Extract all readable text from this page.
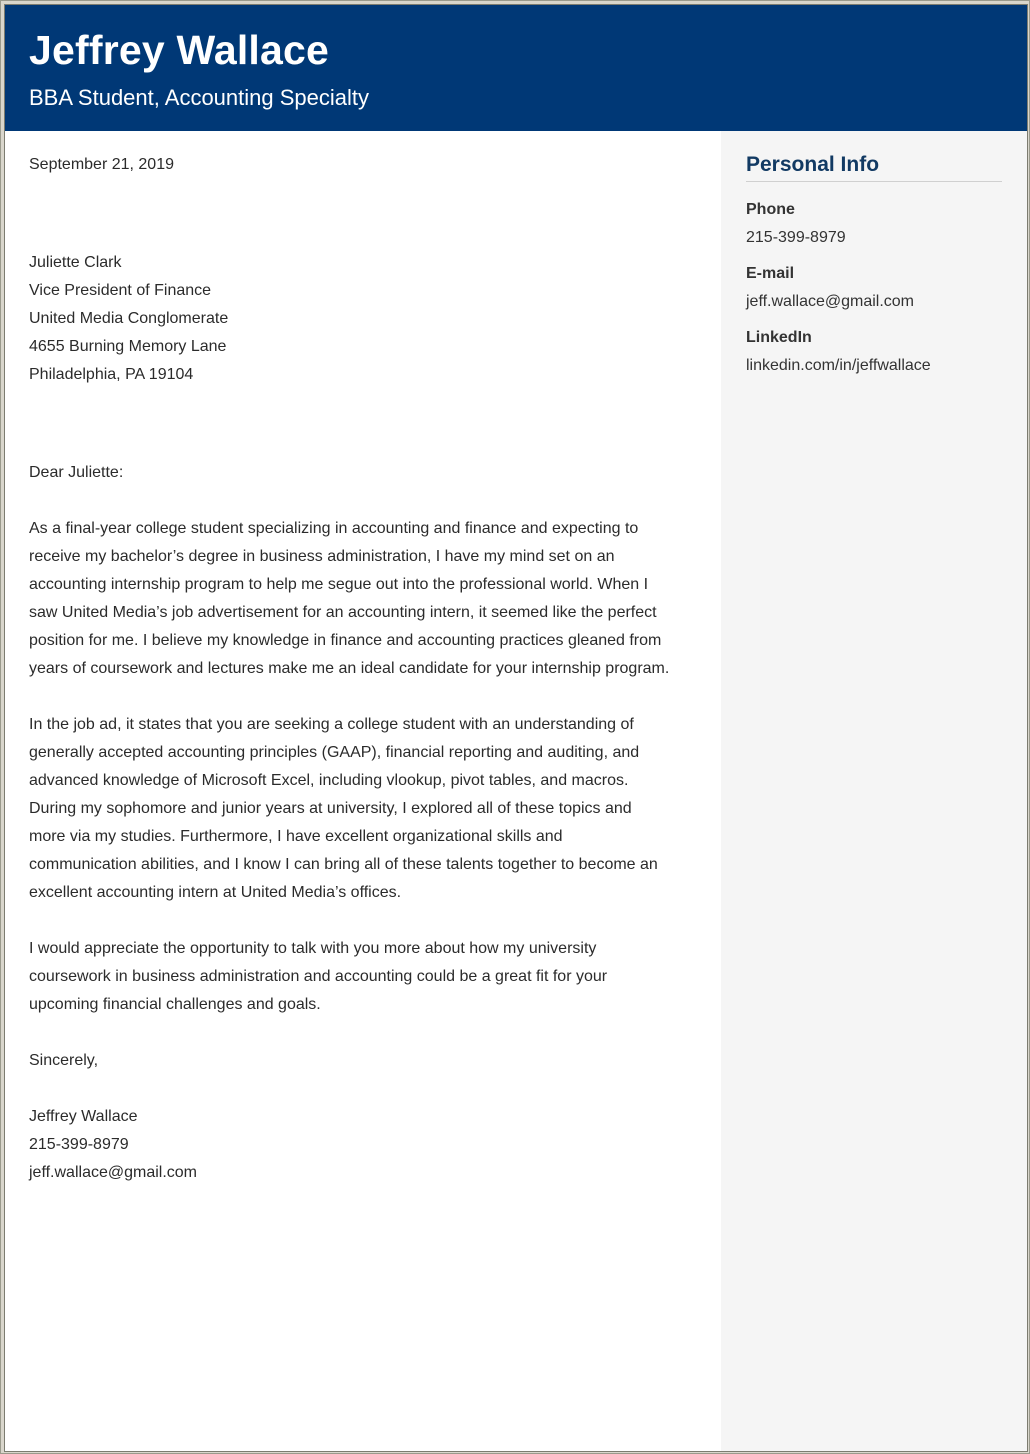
Jeffrey Wallace
BBA Student, Accounting Specialty
September 21, 2019
Juliette Clark
Vice President of Finance
United Media Conglomerate
4655 Burning Memory Lane
Philadelphia, PA 19104
Dear Juliette:
As a final-year college student specializing in accounting and finance and expecting to
receive my bachelor’s degree in business administration, I have my mind set on an
accounting internship program to help me segue out into the professional world. When I
saw United Media’s job advertisement for an accounting intern, it seemed like the perfect
position for me. I believe my knowledge in finance and accounting practices gleaned from
years of coursework and lectures make me an ideal candidate for your internship program.
In the job ad, it states that you are seeking a college student with an understanding of
generally accepted accounting principles (GAAP), financial reporting and auditing, and
advanced knowledge of Microsoft Excel, including vlookup, pivot tables, and macros.
During my sophomore and junior years at university, I explored all of these topics and
more via my studies. Furthermore, I have excellent organizational skills and
communication abilities, and I know I can bring all of these talents together to become an
excellent accounting intern at United Media’s offices.
I would appreciate the opportunity to talk with you more about how my university
coursework in business administration and accounting could be a great fit for your
upcoming financial challenges and goals.
Sincerely,
Jeffrey Wallace
215-399-8979
jeff.wallace@gmail.com
Personal Info
Phone
215-399-8979
E-mail
jeff.wallace@gmail.com
LinkedIn
linkedin.com/in/jeffwallace
